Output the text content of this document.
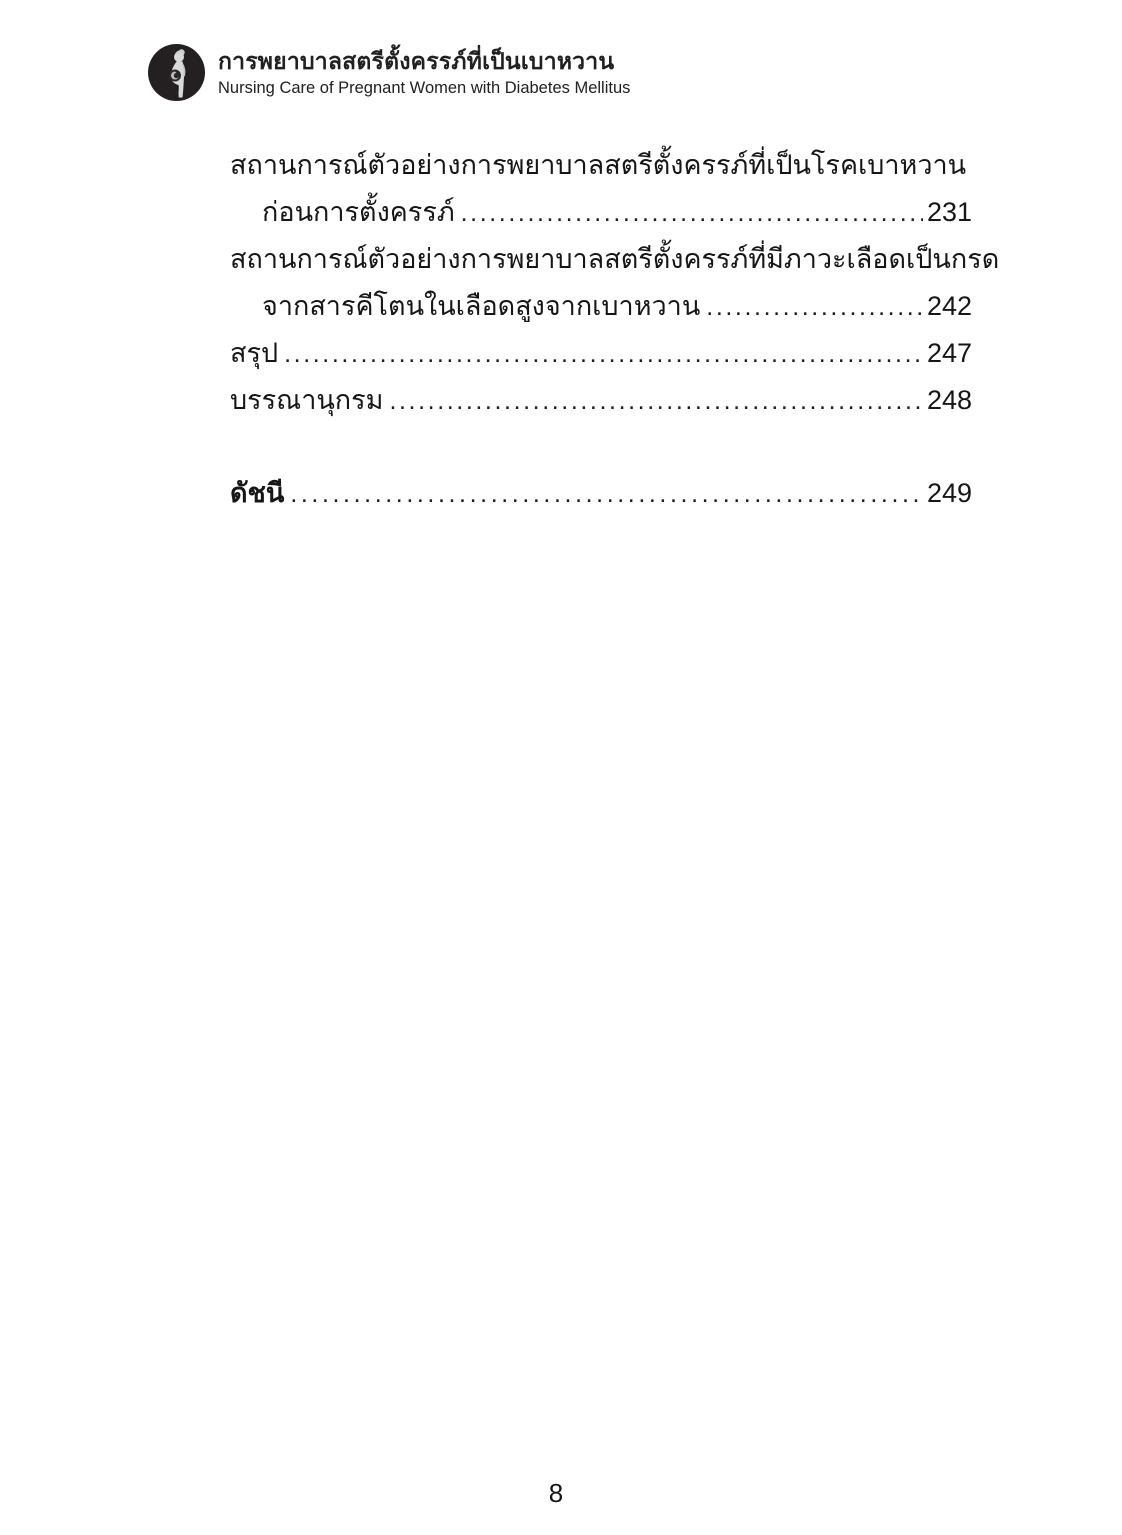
การพยาบาลสตรีตั้งครรภ์ที่เป็นเบาหวาน
Nursing Care of Pregnant Women with Diabetes Mellitus
สถานการณ์ตัวอย่างการพยาบาลสตรีตั้งครรภ์ที่เป็นโรคเบาหวาน
ก่อนการตั้งครรภ์ .....	231
สถานการณ์ตัวอย่างการพยาบาลสตรีตั้งครรภ์ที่มีภาวะเลือดเป็นกรด
จากสารคีโตนในเลือดสูงจากเบาหวาน .....	242
สรุป .....	247
บรรณานุกรม .....	248
ดัชนี .....	249
8
